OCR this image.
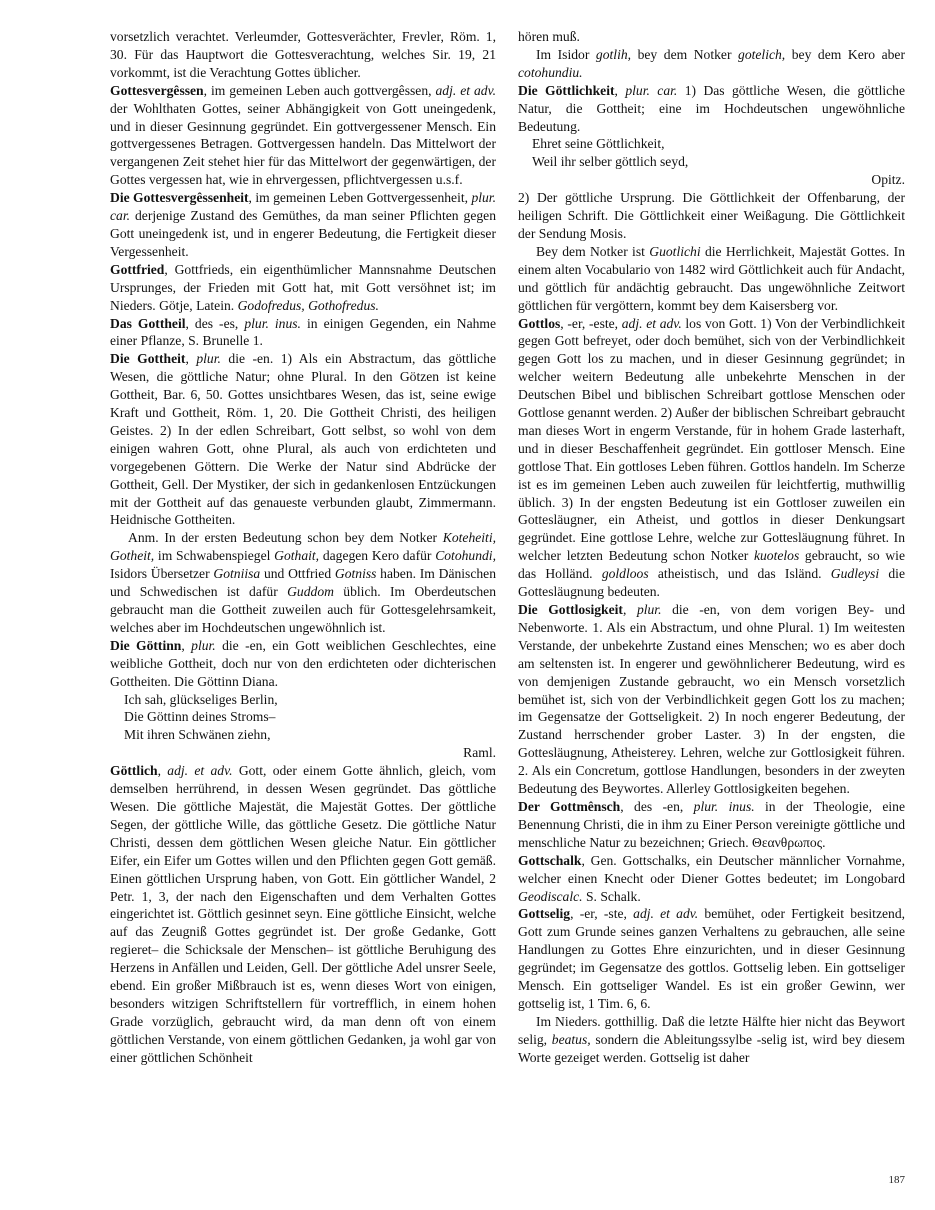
vorsetzlich verachtet. Verleumder, Gottesverächter, Frevler, Röm. 1, 30. Für das Hauptwort die Gottesverachtung, welches Sir. 19, 21 vorkommt, ist die Verachtung Gottes üblicher.

Gottesvergêssen, im gemeinen Leben auch gottvergêssen, adj. et adv. der Wohlthaten Gottes, seiner Abhängigkeit von Gott uneingedenk, und in dieser Gesinnung gegründet. Ein gottvergessener Mensch. Ein gottvergessenes Betragen. Gottvergessen handeln. Das Mittelwort der vergangenen Zeit stehet hier für das Mittelwort der gegenwärtigen, der Gottes vergessen hat, wie in ehrvergessen, pflichtvergessen u.s.f.

Die Gottesvergêssenheit, im gemeinen Leben Gottvergessenheit, plur. car. derjenige Zustand des Gemüthes, da man seiner Pflichten gegen Gott uneingedenk ist, und in engerer Bedeutung, die Fertigkeit dieser Vergessenheit.

Gottfried, Gottfrieds, ein eigenthümlicher Mannsnahme Deutschen Ursprunges, der Frieden mit Gott hat, mit Gott versöhnet ist; im Nieders. Götje, Latein. Godofredus, Gothofredus.

Das Gottheil, des -es, plur. inus. in einigen Gegenden, ein Nahme einer Pflanze, S. Brunelle 1.

Die Gottheit, plur. die -en. 1) Als ein Abstractum, das göttliche Wesen, die göttliche Natur; ohne Plural. In den Götzen ist keine Gottheit, Bar. 6, 50. Gottes unsichtbares Wesen, das ist, seine ewige Kraft und Gottheit, Röm. 1, 20. Die Gottheit Christi, des heiligen Geistes. 2) In der edlen Schreibart, Gott selbst, so wohl von dem einigen wahren Gott, ohne Plural, als auch von erdichteten und vorgegebenen Göttern. Die Werke der Natur sind Abdrücke der Gottheit, Gell. Der Mystiker, der sich in gedankenlosen Entzückungen mit der Gottheit auf das genaueste verbunden glaubt, Zimmermann. Heidnische Gottheiten.

Anm. In der ersten Bedeutung schon bey dem Notker Koteheiti, Gotheit, im Schwabenspiegel Gothait, dagegen Kero dafür Cotohundi, Isidors Übersetzer Gotniisa und Ottfried Gotniss haben. Im Dänischen und Schwedischen ist dafür Guddom üblich. Im Oberdeutschen gebraucht man die Gottheit zuweilen auch für Gottesgelehrsamkeit, welches aber im Hochdeutschen ungewöhnlich ist.

Die Göttinn, plur. die -en, ein Gott weiblichen Geschlechtes, eine weibliche Gottheit, doch nur von den erdichteten oder dichterischen Gottheiten. Die Göttinn Diana.

Ich sah, glückseliges Berlin,

Die Göttinn deines Stroms–

Mit ihren Schwänen ziehn,

Raml.

Göttlich, adj. et adv. Gott, oder einem Gotte ähnlich, gleich, vom demselben herrührend, in dessen Wesen gegründet. Das göttliche Wesen. Die göttliche Majestät, die Majestät Gottes. Der göttliche Segen, der göttliche Wille, das göttliche Gesetz. Die göttliche Natur Christi, dessen dem göttlichen Wesen gleiche Natur. Ein göttlicher Eifer, ein Eifer um Gottes willen und den Pflichten gegen Gott gemäß. Einen göttlichen Ursprung haben, von Gott. Ein göttlicher Wandel, 2 Petr. 1, 3, der nach den Eigenschaften und dem Verhalten Gottes eingerichtet ist. Göttlich gesinnet seyn. Eine göttliche Einsicht, welche auf das Zeugniß Gottes gegründet ist. Der große Gedanke, Gott regieret– die Schicksale der Menschen– ist göttliche Beruhigung des Herzens in Anfällen und Leiden, Gell. Der göttliche Adel unsrer Seele, ebend. Ein großer Mißbrauch ist es, wenn dieses Wort von einigen, besonders witzigen Schriftstellern für vortrefflich, in einem hohen Grade vorzüglich, gebraucht wird, da man denn oft von einem göttlichen Verstande, von einem göttlichen Gedanken, ja wohl gar von einer göttlichen Schönheit

hören muß.

Im Isidor gotlih, bey dem Notker gotelich, bey dem Kero aber cotohundiu.

Die Göttlichkeit, plur. car. 1) Das göttliche Wesen, die göttliche Natur, die Gottheit; eine im Hochdeutschen ungewöhnliche Bedeutung.

Ehret seine Göttlichkeit,

Weil ihr selber göttlich seyd,

Opitz.

2) Der göttliche Ursprung. Die Göttlichkeit der Offenbarung, der heiligen Schrift. Die Göttlichkeit einer Weißagung. Die Göttlichkeit der Sendung Mosis.

Bey dem Notker ist Guotlichi die Herrlichkeit, Majestät Gottes. In einem alten Vocabulario von 1482 wird Göttlichkeit auch für Andacht, und göttlich für andächtig gebraucht. Das ungewöhnliche Zeitwort göttlichen für vergöttern, kommt bey dem Kaisersberg vor.

Gottlos, -er, -este, adj. et adv. los von Gott. 1) Von der Verbindlichkeit gegen Gott befreyet, oder doch bemühet, sich von der Verbindlichkeit gegen Gott los zu machen, und in dieser Gesinnung gegründet; in welcher weitern Bedeutung alle unbekehrte Menschen in der Deutschen Bibel und biblischen Schreibart gottlose Menschen oder Gottlose genannt werden. 2) Außer der biblischen Schreibart gebraucht man dieses Wort in engerm Verstande, für in hohem Grade lasterhaft, und in dieser Beschaffenheit gegründet. Ein gottloser Mensch. Eine gottlose That. Ein gottloses Leben führen. Gottlos handeln. Im Scherze ist es im gemeinen Leben auch zuweilen für leichtfertig, muthwillig üblich. 3) In der engsten Bedeutung ist ein Gottloser zuweilen ein Gottesläugner, ein Atheist, und gottlos in dieser Denkungsart gegründet. Eine gottlose Lehre, welche zur Gottesläugnung führet. In welcher letzten Bedeutung schon Notker kuotelos gebraucht, so wie das Holländ. goldloos atheistisch, und das Isländ. Gudleysi die Gottesläugnung bedeuten.

Die Gottlosigkeit, plur. die -en, von dem vorigen Bey- und Nebenworte. 1. Als ein Abstractum, und ohne Plural. 1) Im weitesten Verstande, der unbekehrte Zustand eines Menschen; wo es aber doch am seltensten ist. In engerer und gewöhnlicherer Bedeutung, wird es von demjenigen Zustande gebraucht, wo ein Mensch vorsetzlich bemühet ist, sich von der Verbindlichkeit gegen Gott los zu machen; im Gegensatze der Gottseligkeit. 2) In noch engerer Bedeutung, der Zustand herrschender grober Laster. 3) In der engsten, die Gottesläugnung, Atheisterey. Lehren, welche zur Gottlosigkeit führen. 2. Als ein Concretum, gottlose Handlungen, besonders in der zweyten Bedeutung des Beywortes. Allerley Gottlosigkeiten begehen.

Der Gottmênsch, des -en, plur. inus. in der Theologie, eine Benennung Christi, die in ihm zu Einer Person vereinigte göttliche und menschliche Natur zu bezeichnen; Griech. Θεανθρωπος.

Gottschalk, Gen. Gottschalks, ein Deutscher männlicher Vornahme, welcher einen Knecht oder Diener Gottes bedeutet; im Longobard Geodiscalc. S. Schalk.

Gottselig, -er, -ste, adj. et adv. bemühet, oder Fertigkeit besitzend, Gott zum Grunde seines ganzen Verhaltens zu gebrauchen, alle seine Handlungen zu Gottes Ehre einzurichten, und in dieser Gesinnung gegründet; im Gegensatze des gottlos. Gottselig leben. Ein gottseliger Mensch. Ein gottseliger Wandel. Es ist ein großer Gewinn, wer gottselig ist, 1 Tim. 6, 6.

Im Nieders. gotthillig. Daß die letzte Hälfte hier nicht das Beywort selig, beatus, sondern die Ableitungssylbe -selig ist, wird bey diesem Worte gezeiget werden. Gottselig ist daher

187
